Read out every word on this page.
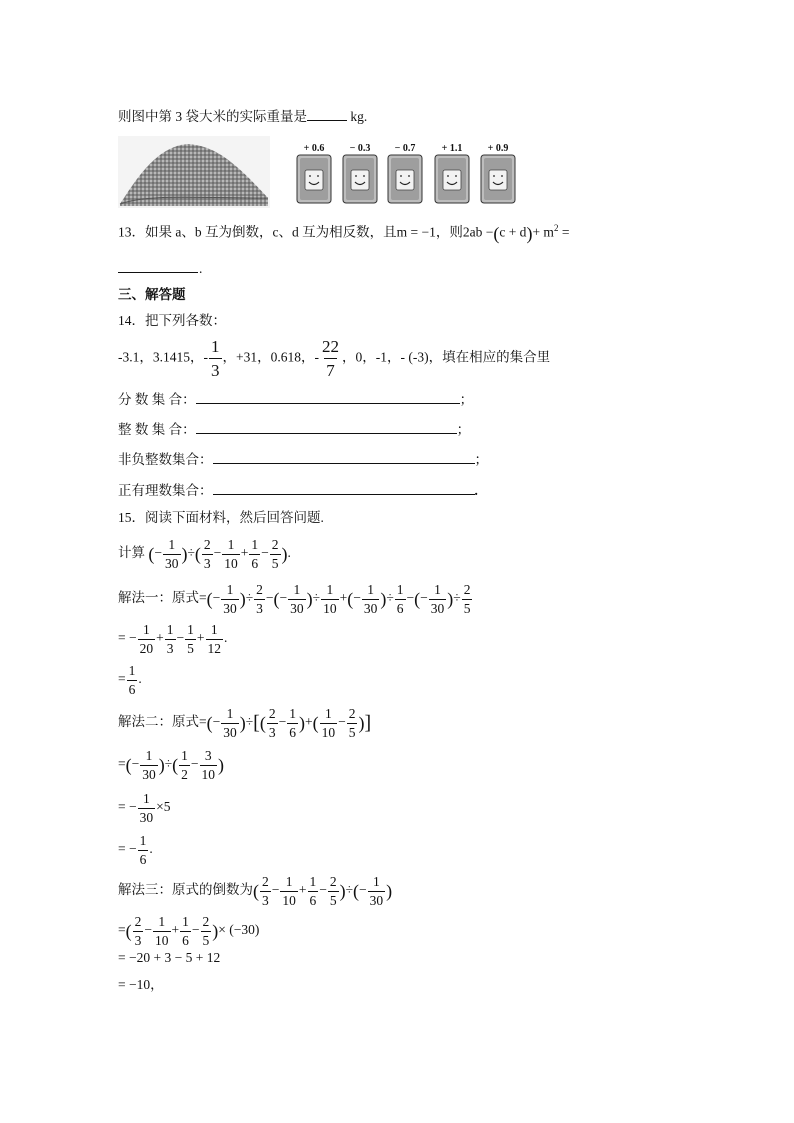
则图中第 3 袋大米的实际重量是	kg.
+ 0.6	− 0.3	− 0.7	+ 1.1	+ 0.9
13．如果 a、b 互为倒数，c、d 互为相反数，且m = −1，则$2ab -(c + d)+ m^2$ =
.
三、解答题
14．把下列各数：
-3.1，3.1415，- $\frac{1}{3}$ ，+31，0.618，- $\frac{22}{7}$ ，0，-1，- (-3)，填在相应的集合里
分 数 集 合：	；
整 数 集 合：	；
非负整数集合：	；
正有理数集合：	.
15．阅读下面材料，然后回答问题.
计算 (− $\frac{1}{30}$ )÷( $\frac{2}{3} - \frac{1}{10} + \frac{1}{6} - \frac{2}{5}$ ).
解法一：原式=(− $\frac{1}{30}$ )÷ $\frac{2}{3}$ −(− $\frac{1}{30}$ )÷ $\frac{1}{10}$ +(− $\frac{1}{30}$ )÷ $\frac{1}{6}$ −(− $\frac{1}{30}$ )÷ $\frac{2}{5}$
= − $\frac{1}{20} + \frac{1}{3} - \frac{1}{5} + \frac{1}{12}$ .
= $\frac{1}{6}$ .
解法二：原式=(− $\frac{1}{30}$ )÷[( $\frac{2}{3} - \frac{1}{6}$ )+( $\frac{1}{10} - \frac{2}{5}$ )]
=(− $\frac{1}{30}$ )÷( $\frac{1}{2} - \frac{3}{10}$ )
= − $\frac{1}{30} \times 5$
= − $\frac{1}{6}$ .
解法三：原式的倒数为( $\frac{2}{3} - \frac{1}{10} + \frac{1}{6} - \frac{2}{5}$ )÷(− $\frac{1}{30}$ )
=( $\frac{2}{3} - \frac{1}{10} + \frac{1}{6} - \frac{2}{5}$ )× (−30)
= −20 + 3 − 5 + 12
= −10，
